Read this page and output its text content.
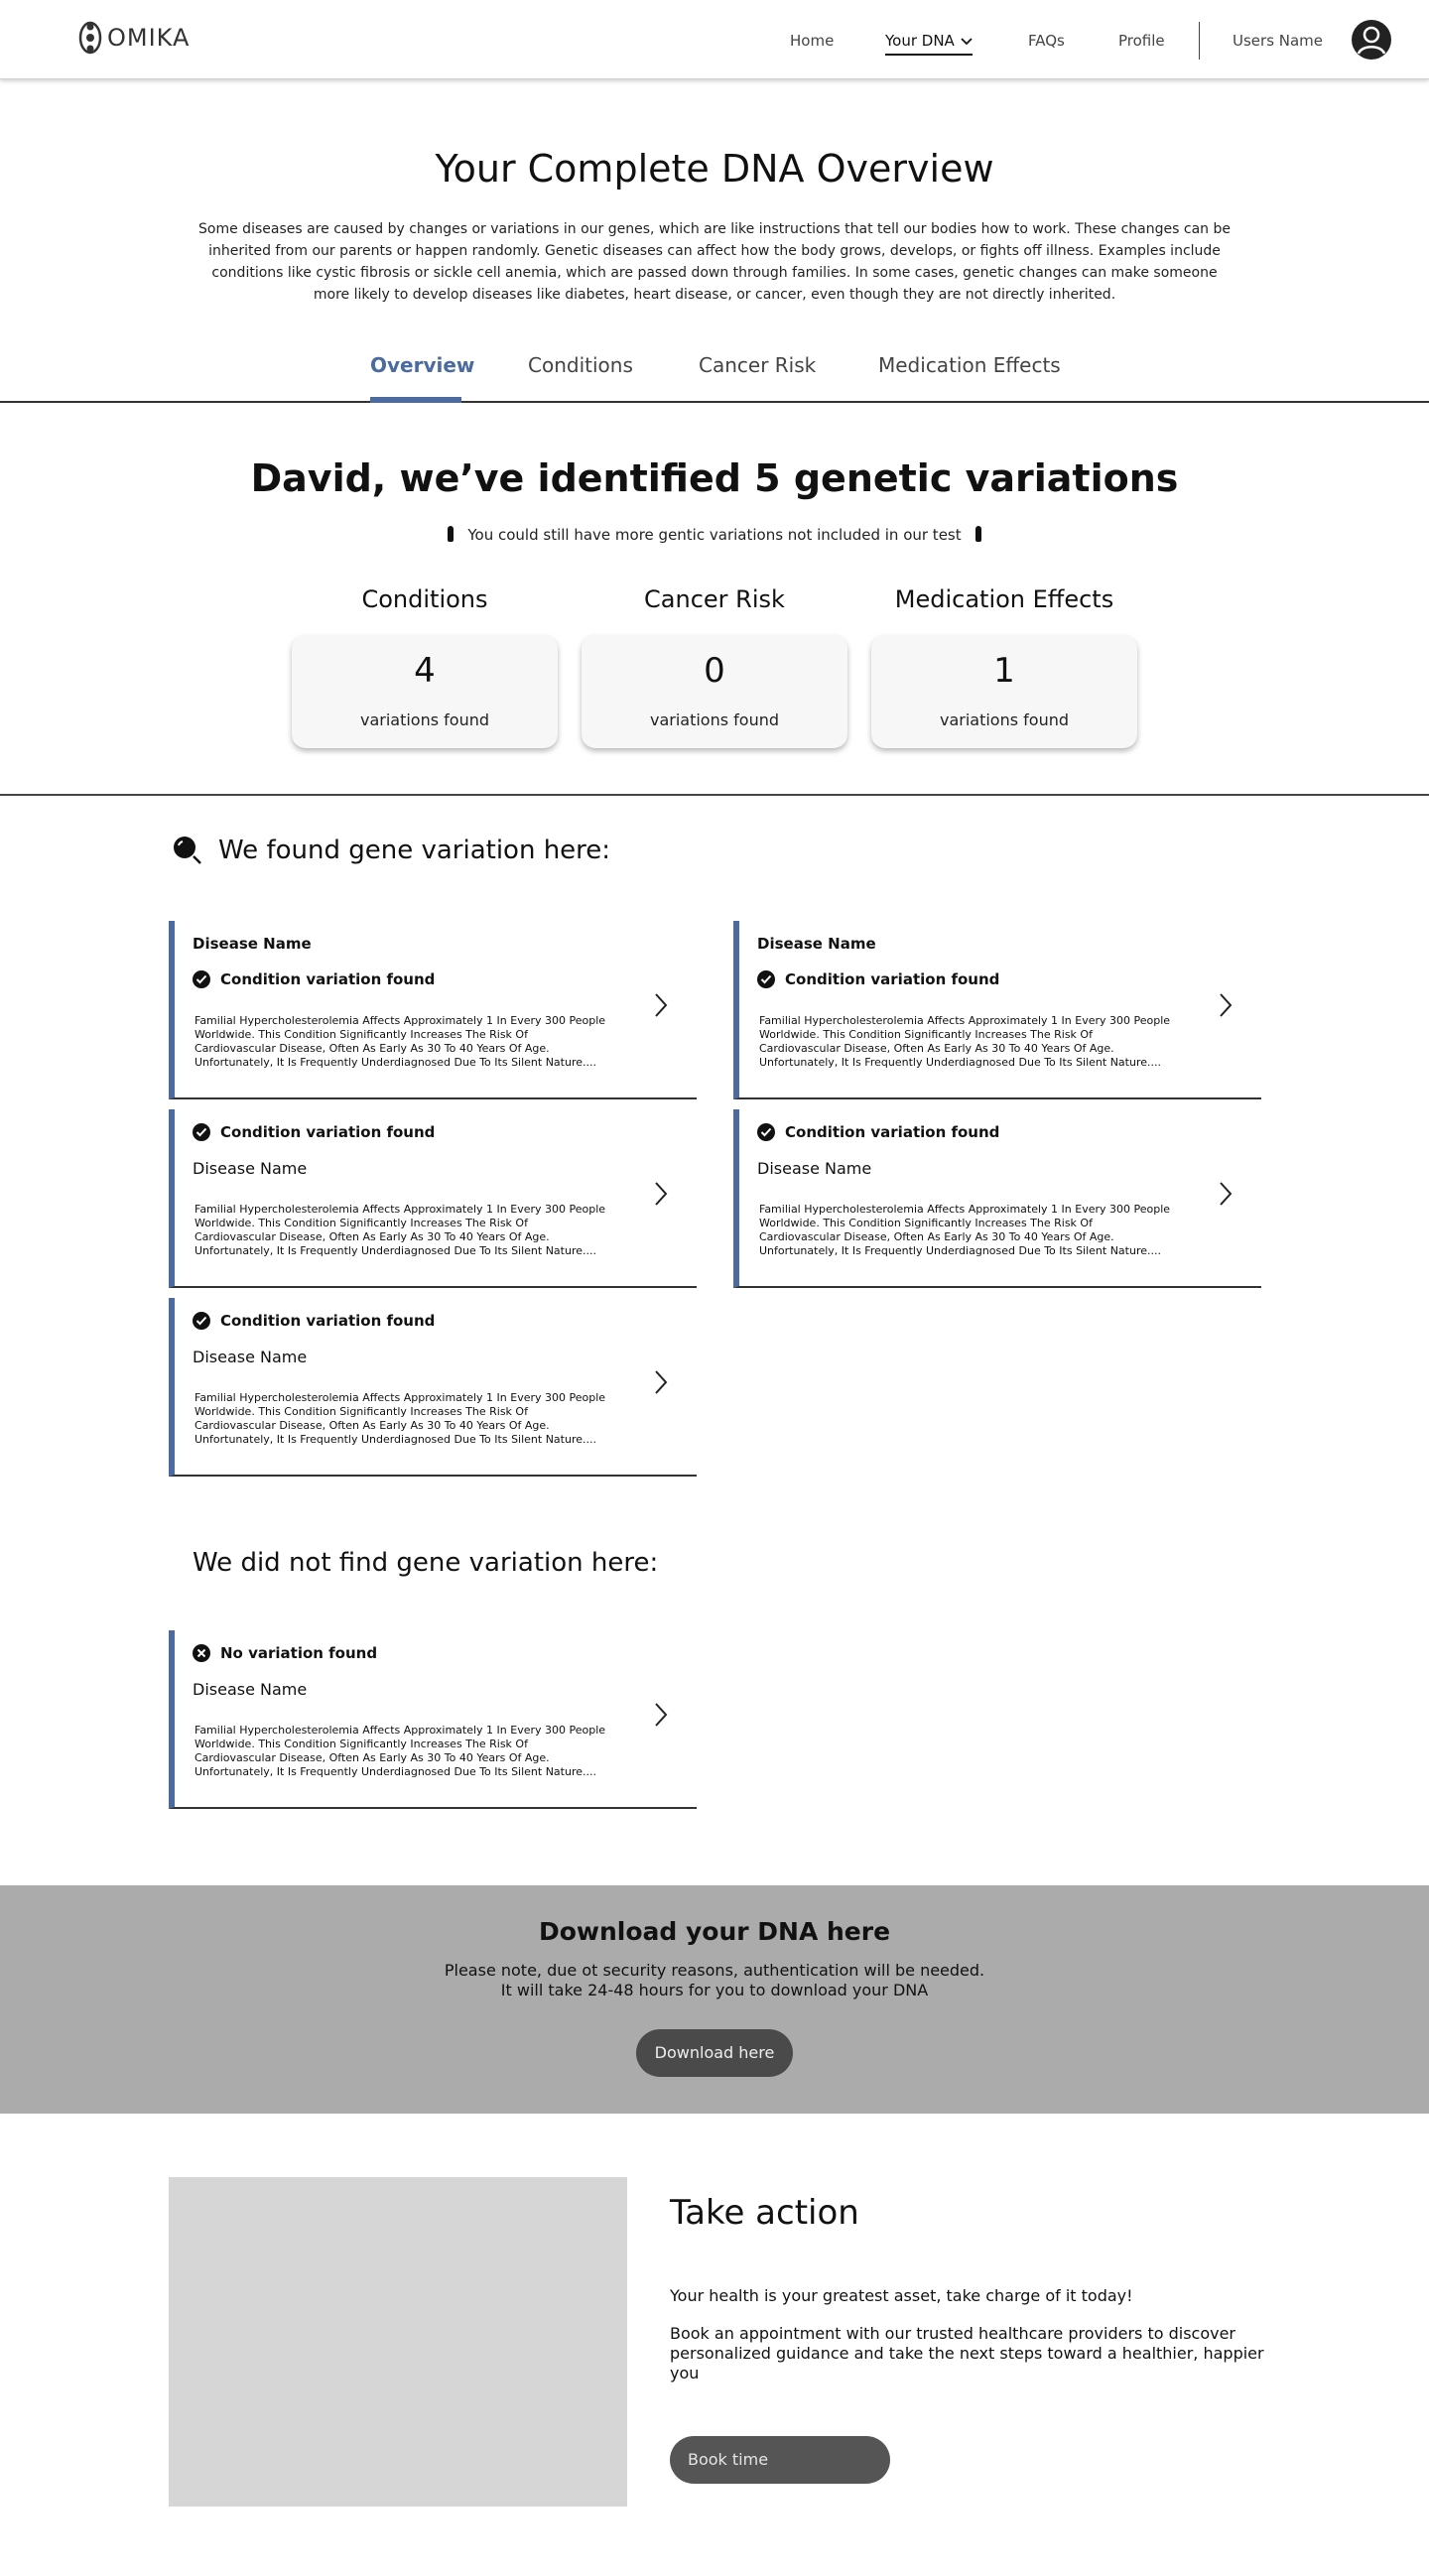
OMIKA	Home	Your DNA	FAQs	Profile	Users Name
Your Complete DNA Overview

Some diseases are caused by changes or variations in our genes, which are like instructions that tell our bodies how to work. These changes can be inherited from our parents or happen randomly. Genetic diseases can affect how the body grows, develops, or fights off illness. Examples include conditions like cystic fibrosis or sickle cell anemia, which are passed down through families. In some cases, genetic changes can make someone more likely to develop diseases like diabetes, heart disease, or cancer, even though they are not directly inherited.

Overview	Conditions	Cancer Risk	Medication Effects
David, we’ve identified 5 genetic variations
You could still have more gentic variations not included in our test
Conditions	Cancer Risk	Medication Effects
4
variations found
0
variations found
1
variations found
We found gene variation here:
Disease Name
Condition variation found
Familial Hypercholesterolemia Affects Approximately 1 In Every 300 People Worldwide. This Condition Significantly Increases The Risk Of Cardiovascular Disease, Often As Early As 30 To 40 Years Of Age. Unfortunately, It Is Frequently Underdiagnosed Due To Its Silent Nature....
Disease Name
Condition variation found
Familial Hypercholesterolemia Affects Approximately 1 In Every 300 People Worldwide. This Condition Significantly Increases The Risk Of Cardiovascular Disease, Often As Early As 30 To 40 Years Of Age. Unfortunately, It Is Frequently Underdiagnosed Due To Its Silent Nature....
Condition variation found
Disease Name
Familial Hypercholesterolemia Affects Approximately 1 In Every 300 People Worldwide. This Condition Significantly Increases The Risk Of Cardiovascular Disease, Often As Early As 30 To 40 Years Of Age. Unfortunately, It Is Frequently Underdiagnosed Due To Its Silent Nature....
Condition variation found
Disease Name
Familial Hypercholesterolemia Affects Approximately 1 In Every 300 People Worldwide. This Condition Significantly Increases The Risk Of Cardiovascular Disease, Often As Early As 30 To 40 Years Of Age. Unfortunately, It Is Frequently Underdiagnosed Due To Its Silent Nature....
Condition variation found
Disease Name
Familial Hypercholesterolemia Affects Approximately 1 In Every 300 People Worldwide. This Condition Significantly Increases The Risk Of Cardiovascular Disease, Often As Early As 30 To 40 Years Of Age. Unfortunately, It Is Frequently Underdiagnosed Due To Its Silent Nature....
We did not find gene variation here:
No variation found
Disease Name
Familial Hypercholesterolemia Affects Approximately 1 In Every 300 People Worldwide. This Condition Significantly Increases The Risk Of Cardiovascular Disease, Often As Early As 30 To 40 Years Of Age. Unfortunately, It Is Frequently Underdiagnosed Due To Its Silent Nature....
Download your DNA here
Please note, due ot security reasons, authentication will be needed.
It will take 24-48 hours for you to download your DNA
Download here
Take action
Your health is your greatest asset, take charge of it today!
Book an appointment with our trusted healthcare providers to discover personalized guidance and take the next steps toward a healthier, happier you
Book time
